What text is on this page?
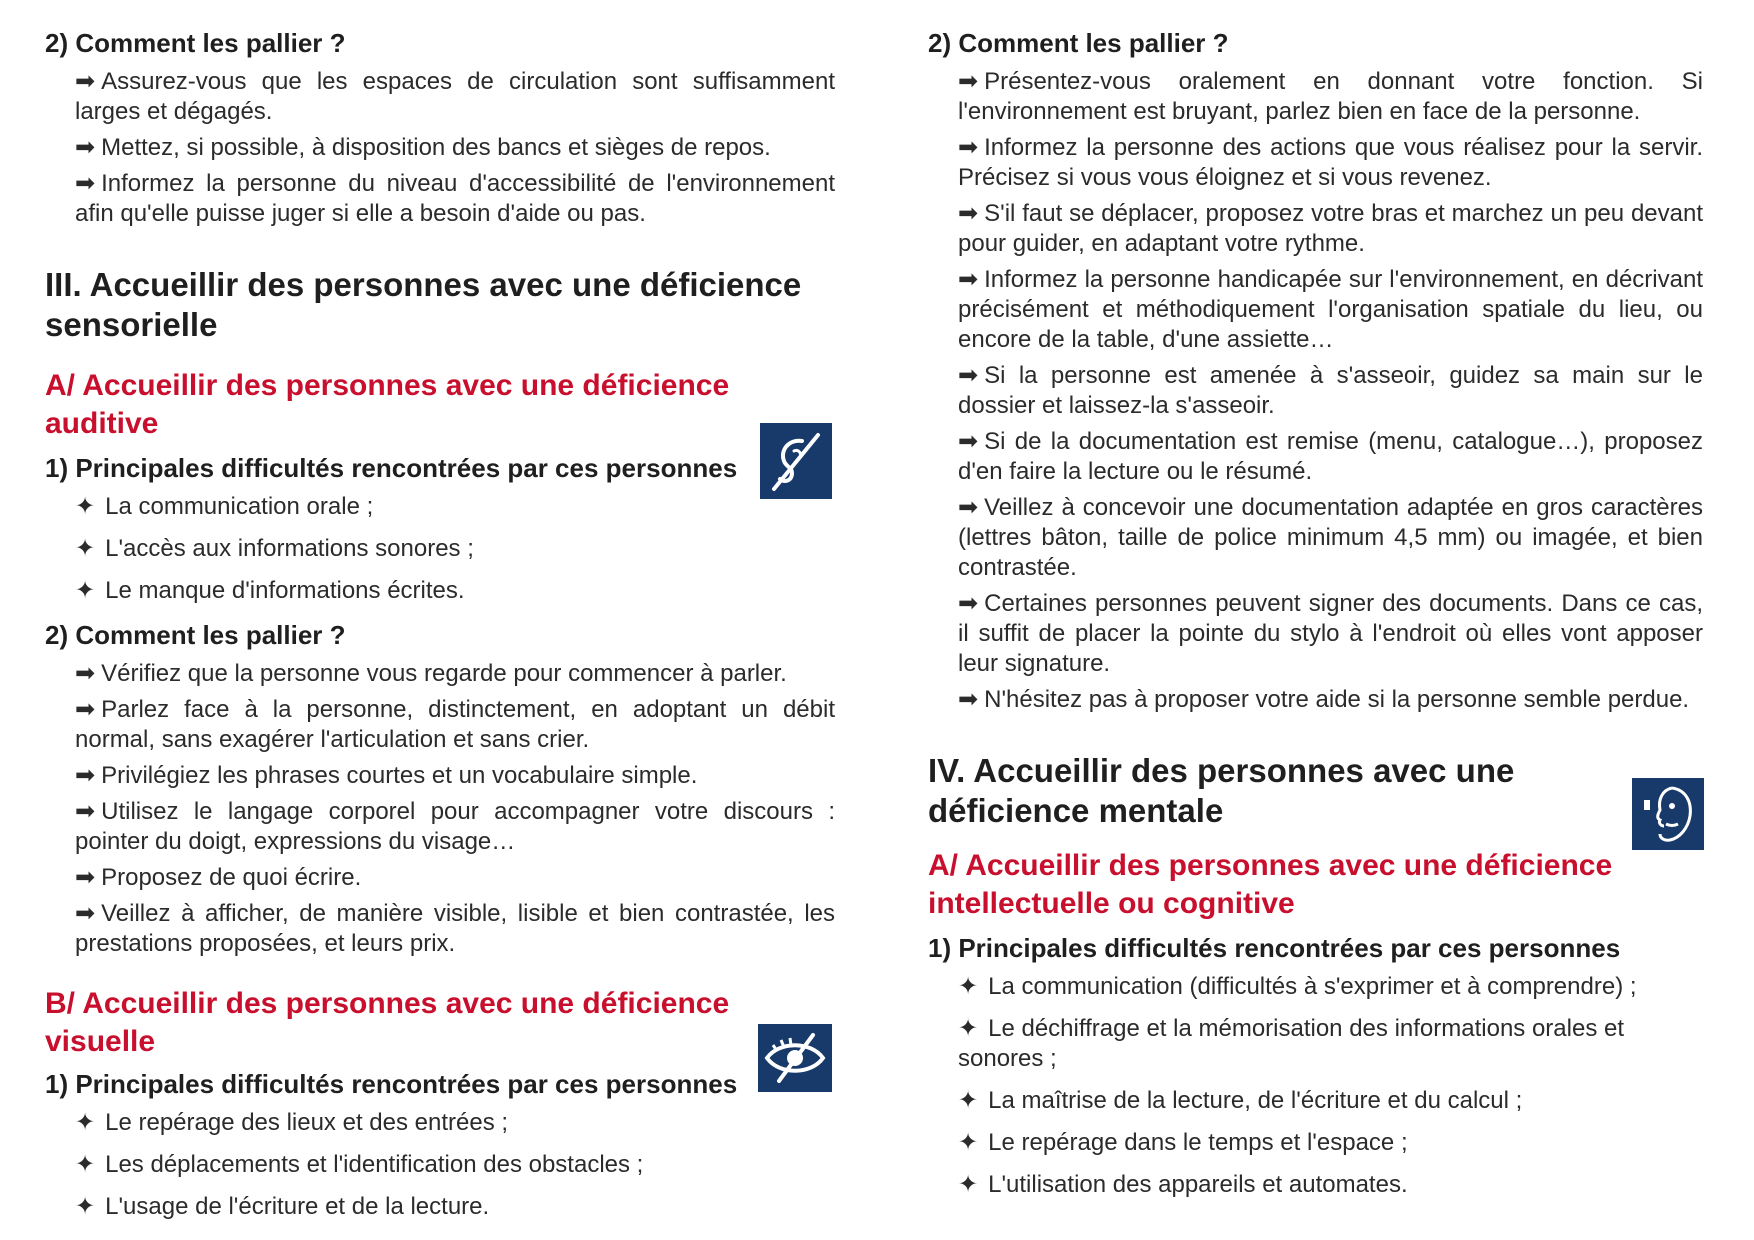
2) Comment les pallier ?

➡ Assurez-vous que les espaces de circulation sont suffisamment larges et dégagés.

➡ Mettez, si possible, à disposition des bancs et sièges de repos.

➡ Informez la personne du niveau d'accessibilité de l'environnement afin qu'elle puisse juger si elle a besoin d'aide ou pas.

III. Accueillir des personnes avec une déficience sensorielle
A/ Accueillir des personnes avec une déficience auditive
1) Principales difficultés rencontrées par ces personnes
✦ La communication orale ;
✦ L'accès aux informations sonores ;
✦ Le manque d'informations écrites.
2) Comment les pallier ?

➡ Vérifiez que la personne vous regarde pour commencer à parler.

➡ Parlez face à la personne, distinctement, en adoptant un débit normal, sans exagérer l'articulation et sans crier.

➡ Privilégiez les phrases courtes et un vocabulaire simple.

➡ Utilisez le langage corporel pour accompagner votre discours : pointer du doigt, expressions du visage…

➡ Proposez de quoi écrire.

➡ Veillez à afficher, de manière visible, lisible et bien contrastée, les prestations proposées, et leurs prix.

B/ Accueillir des personnes avec une déficience visuelle
1) Principales difficultés rencontrées par ces personnes
✦ Le repérage des lieux et des entrées ;
✦ Les déplacements et l'identification des obstacles ;
✦ L'usage de l'écriture et de la lecture.
2) Comment les pallier ?

➡ Présentez-vous oralement en donnant votre fonction. Si l'environnement est bruyant, parlez bien en face de la personne.

➡ Informez la personne des actions que vous réalisez pour la servir. Précisez si vous vous éloignez et si vous revenez.

➡ S'il faut se déplacer, proposez votre bras et marchez un peu devant pour guider, en adaptant votre rythme.

➡ Informez la personne handicapée sur l'environnement, en décrivant précisément et méthodiquement l'organisation spatiale du lieu, ou encore de la table, d'une assiette…

➡ Si la personne est amenée à s'asseoir, guidez sa main sur le dossier et laissez-la s'asseoir.

➡ Si de la documentation est remise (menu, catalogue…), proposez d'en faire la lecture ou le résumé.

➡ Veillez à concevoir une documentation adaptée en gros caractères (lettres bâton, taille de police minimum 4,5 mm) ou imagée, et bien contrastée.

➡ Certaines personnes peuvent signer des documents. Dans ce cas, il suffit de placer la pointe du stylo à l'endroit où elles vont apposer leur signature.

➡ N'hésitez pas à proposer votre aide si la personne semble perdue.

IV. Accueillir des personnes avec une déficience mentale
A/ Accueillir des personnes avec une déficience intellectuelle ou cognitive
1) Principales difficultés rencontrées par ces personnes
✦ La communication (difficultés à s'exprimer et à comprendre) ;
✦ Le déchiffrage et la mémorisation des informations orales et sonores ;
✦ La maîtrise de la lecture, de l'écriture et du calcul ;
✦ Le repérage dans le temps et l'espace ;
✦ L'utilisation des appareils et automates.
